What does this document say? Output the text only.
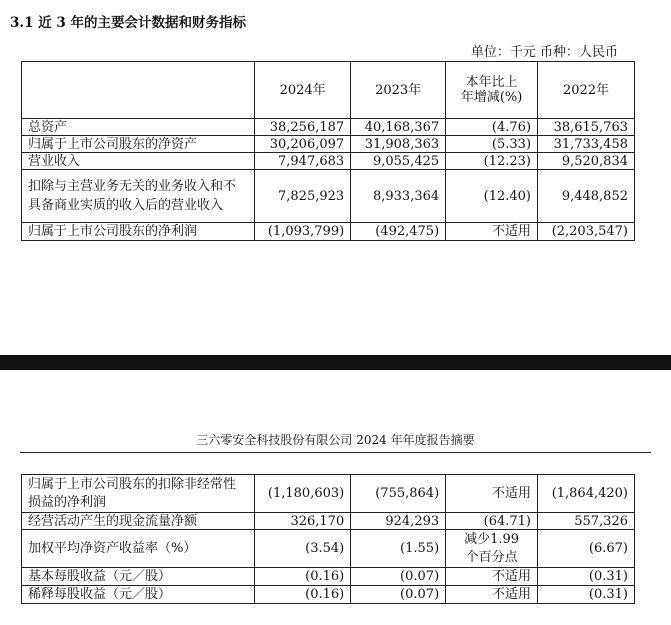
3.1 近 3 年的主要会计数据和财务指标
单位：千元 币种：人民币
	2024年	2023年	本年比上年增减(%)	2022年
总资产	38,256,187	40,168,367	(4.76)	38,615,763
归属于上市公司股东的净资产	30,206,097	31,908,363	(5.33)	31,733,458
营业收入	7,947,683	9,055,425	(12.23)	9,520,834
扣除与主营业务无关的业务收入和不具备商业实质的收入后的营业收入	7,825,923	8,933,364	(12.40)	9,448,852
归属于上市公司股东的净利润	(1,093,799)	(492,475)	不适用	(2,203,547)
三六零安全科技股份有限公司 2024 年年度报告摘要
归属于上市公司股东的扣除非经常性损益的净利润	(1,180,603)	(755,864)	不适用	(1,864,420)
经营活动产生的现金流量净额	326,170	924,293	(64.71)	557,326
加权平均净资产收益率（%）	(3.54)	(1.55)	减少1.99个百分点	(6.67)
基本每股收益（元／股）	(0.16)	(0.07)	不适用	(0.31)
稀释每股收益（元／股）	(0.16)	(0.07)	不适用	(0.31)
